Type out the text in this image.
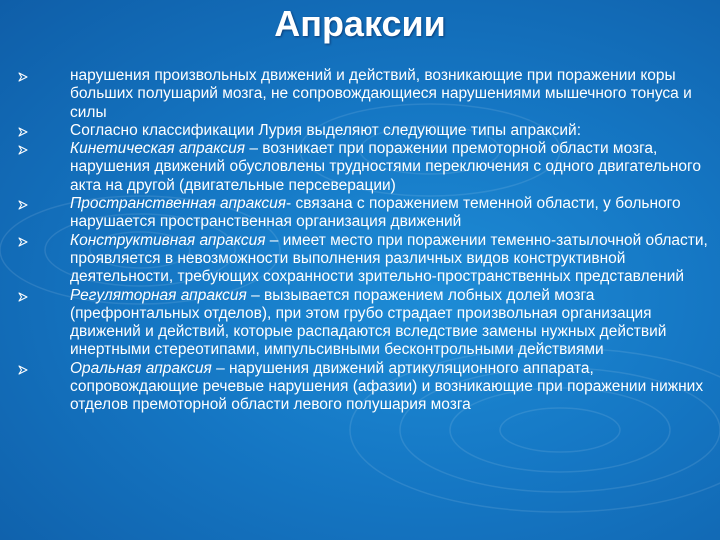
Апраксии
нарушения произвольных движений и действий, возникающие при поражении коры больших полушарий мозга, не сопровождающиеся нарушениями мышечного тонуса и силы
Согласно классификации Лурия выделяют следующие типы апраксий:
Кинетическая апраксия – возникает при поражении премоторной области мозга, нарушения движений обусловлены трудностями переключения с одного двигательного акта на другой (двигательные персеверации)
Пространственная апраксия- связана с поражением теменной области, у больного нарушается пространственная организация движений
Конструктивная апраксия – имеет место при поражении теменно-затылочной области, проявляется в невозможности выполнения различных видов конструктивной деятельности, требующих сохранности зрительно-пространственных представлений
Регуляторная апраксия – вызывается поражением лобных долей мозга (префронтальных отделов), при этом грубо страдает произвольная организация движений и действий, которые распадаются вследствие замены нужных действий инертными стереотипами, импульсивными бесконтрольными действиями
Оральная апраксия – нарушения движений артикуляционного аппарата, сопровождающие речевые нарушения (афазии) и возникающие при поражении нижних отделов премоторной области левого полушария мозга
